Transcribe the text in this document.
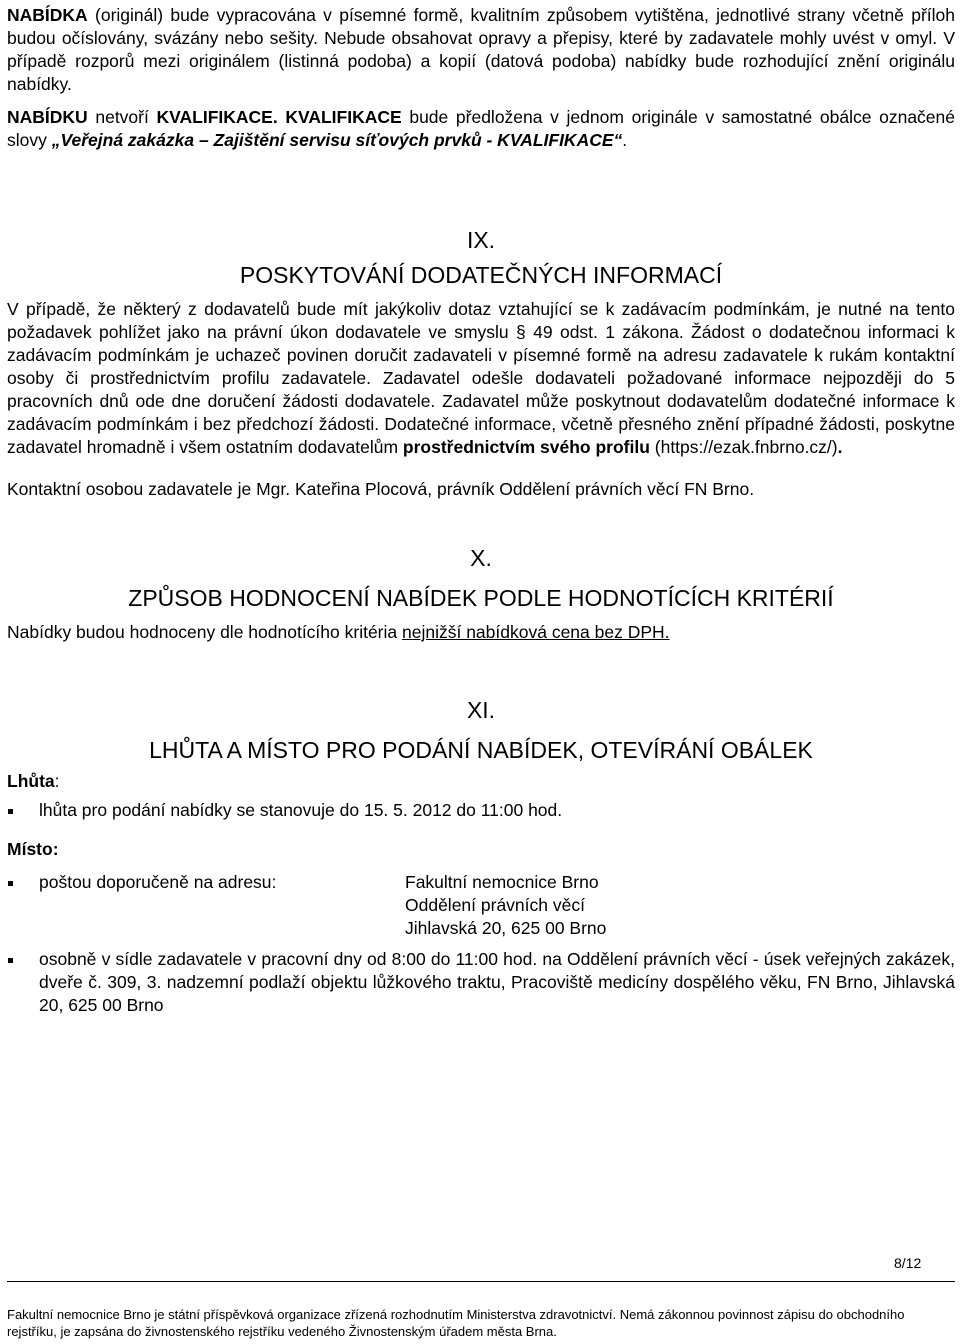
NABÍDKA (originál) bude vypracována v písemné formě, kvalitním způsobem vytištěna, jednotlivé strany včetně příloh budou očíslovány, svázány nebo sešity. Nebude obsahovat opravy a přepisy, které by zadavatele mohly uvést v omyl. V případě rozporů mezi originálem (listinná podoba) a kopií (datová podoba) nabídky bude rozhodující znění originálu nabídky.

NABÍDKU netvoří KVALIFIKACE. KVALIFIKACE bude předložena v jednom originále v samostatné obálce označené slovy „Veřejná zakázka – Zajištění servisu síťových prvků - KVALIFIKACE“.

IX.
POSKYTOVÁNÍ DODATEČNÝCH INFORMACÍ

V případě, že některý z dodavatelů bude mít jakýkoliv dotaz vztahující se k zadávacím podmínkám, je nutné na tento požadavek pohlížet jako na právní úkon dodavatele ve smyslu § 49 odst. 1 zákona. Žádost o dodatečnou informaci k zadávacím podmínkám je uchazeč povinen doručit zadavateli v písemné formě na adresu zadavatele k rukám kontaktní osoby či prostřednictvím profilu zadavatele. Zadavatel odešle dodavateli požadované informace nejpozději do 5 pracovních dnů ode dne doručení žádosti dodavatele. Zadavatel může poskytnout dodavatelům dodatečné informace k zadávacím podmínkám i bez předchozí žádosti. Dodatečné informace, včetně přesného znění případné žádosti, poskytne zadavatel hromadně i všem ostatním dodavatelům prostřednictvím svého profilu (https://ezak.fnbrno.cz/).

Kontaktní osobou zadavatele je Mgr. Kateřina Plocová, právník Oddělení právních věcí FN Brno.

X.
ZPŮSOB HODNOCENÍ NABÍDEK PODLE HODNOTÍCÍCH KRITÉRIÍ

Nabídky budou hodnoceny dle hodnotícího kritéria nejnižší nabídková cena bez DPH.

XI.
LHŮTA A MÍSTO PRO PODÁNÍ NABÍDEK, OTEVÍRÁNÍ OBÁLEK
Lhůta:
lhůta pro podání nabídky se stanovuje do 15. 5. 2012 do 11:00 hod.
Místo:
poštou doporučeně na adresu:	Fakultní nemocnice Brno
Oddělení právních věcí
Jihlavská 20, 625 00 Brno
osobně v sídle zadavatele v pracovní dny od 8:00 do 11:00 hod. na Oddělení právních věcí - úsek veřejných zakázek, dveře č. 309, 3. nadzemní podlaží objektu lůžkového traktu, Pracoviště medicíny dospělého věku, FN Brno, Jihlavská 20, 625 00 Brno
8/12
Fakultní nemocnice Brno je státní příspěvková organizace zřízená rozhodnutím Ministerstva zdravotnictví. Nemá zákonnou povinnost zápisu do obchodního rejstříku, je zapsána do živnostenského rejstříku vedeného Živnostenským úřadem města Brna.
